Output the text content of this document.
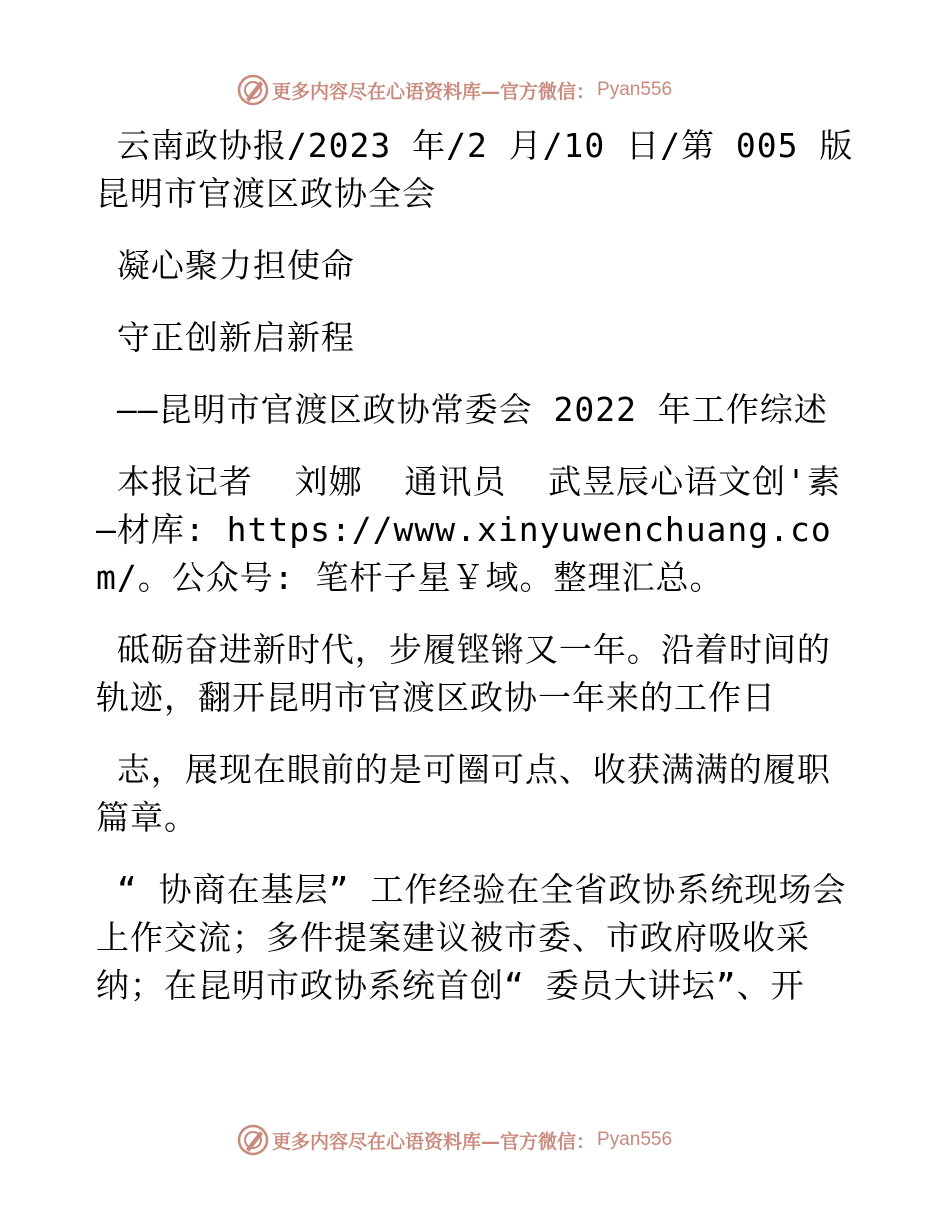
更多内容尽在心语资料库—官方微信： Pyan556

云南政协报/2023 年/2 月/10 日/第 005 版昆明市官渡区政协全会

凝心聚力担使命

守正创新启新程

——昆明市官渡区政协常委会 2022 年工作综述

本报记者  刘娜  通讯员  武昱辰心语文创'素—材库: https://www.xinyuwenchuang.com/。公众号: 笔杆子星￥域。整理汇总。

砥砺奋进新时代，步履铿锵又一年。沿着时间的轨迹，翻开昆明市官渡区政协一年来的工作日

志，展现在眼前的是可圈可点、收获满满的履职篇章。

“ 协商在基层” 工作经验在全省政协系统现场会上作交流；多件提案建议被市委、市政府吸收采纳；在昆明市政协系统首创“ 委员大讲坛”、开

更多内容尽在心语资料库—官方微信： Pyan556
